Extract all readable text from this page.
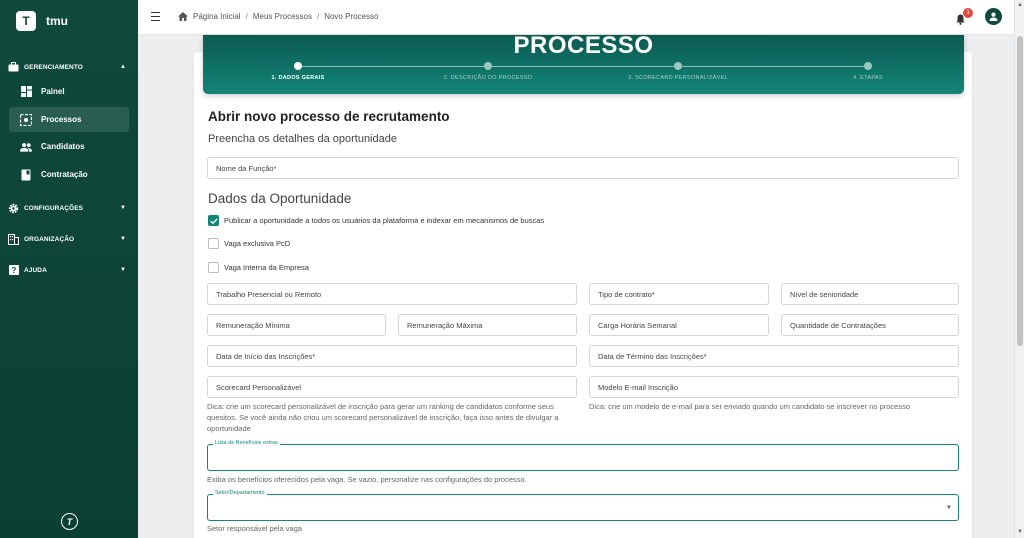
T	tmu
GERENCIAMENTO	▲
Painel
Processos
Candidatos
Contratação
CONFIGURAÇÕES	▼
ORGANIZAÇÃO	▼
? AJUDA	▼
T
Página Inicial / Meus Processos / Novo Processo	1
▲
▼
PROCESSO
1. DADOS GERAIS	2. DESCRIÇÃO DO PROCESSO	3. SCORECARD PERSONALIZÁVEL	4. ETAPAS
Abrir novo processo de recrutamento
Preencha os detalhes da oportunidade
Nome da Função*
Dados da Oportunidade
Publicar a oportunidade a todos os usuários da plataforma e indexar em mecanismos de buscas
Vaga exclusiva PcD
Vaga Interna da Empresa
Trabalho Presencial ou Remoto	Tipo de contrato*	Nível de senioridade
Remuneração Mínima	Remuneração Máxima	Carga Horária Semanal	Quantidade de Contratações
Data de Início das Inscrições*	Data de Término das Inscrições*
Scorecard Personalizável	Modelo E-mail Inscrição
Dica: crie um scorecard personalizável de inscrição para gerar um ranking de candidatos conforme seus quesitos. Se você ainda não criou um scorecard personalizável de inscrição, faça isso antes de divulgar a oportunidade
Dica: crie um modelo de e-mail para ser enviado quando um candidato se inscrever no processo
Lista de Benefícios extras
Exiba os benefícios oferecidos pela vaga. Se vazio, personalize nas configurações do processo.
Setor/Departamento
▼
Setor responsável pela vaga
